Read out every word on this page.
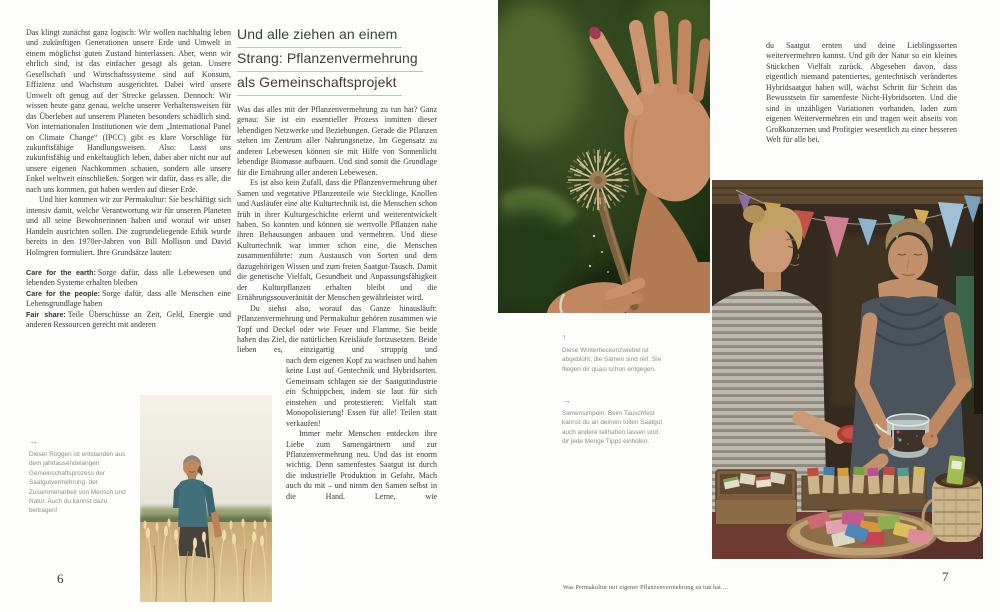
Das klingt zunächst ganz logisch: Wir wollen nachhaltig leben und zukünftigen Generationen unsere Erde und Umwelt in einem möglichst guten Zustand hinterlassen. Aber, wenn wir ehrlich sind, ist das einfacher gesagt als getan. Unsere Gesellschaft und Wirtschaftssysteme sind auf Konsum, Effizienz und Wachstum ausgerichtet. Dabei wird unsere Umwelt oft genug auf der Strecke gelassen. Dennoch: Wir wissen heute ganz genau, welche unserer Verhaltensweisen für das Überleben auf unserem Planeten besonders schädlich sind. Von internationalen Institutionen wie dem „International Panel on Climate Change“ (IPCC) gibt es klare Vorschläge für zukunftsfähige Handlungsweisen. Also: Lasst uns zukunftsfähig und enkeltauglich leben, dabei aber nicht nur auf unsere eigenen Nachkommen schauen, sondern alle unsere Enkel weltweit einschließen. Sorgen wir dafür, dass es alle, die nach uns kommen, gut haben werden auf dieser Erde.

Und hier kommen wir zur Permakultur: Sie beschäftigt sich intensiv damit, welche Verantwortung wir für unseren Planeten und all seine Bewohnerinnen haben und worauf wir unser Handeln ausrichten sollen. Die zugrundeliegende Ethik wurde bereits in den 1970er-Jahren von Bill Mollison und David Holmgren formuliert. Ihre Grundsätze lauten:

Care for the earth: Sorge dafür, dass alle Lebewesen und lebenden Systeme erhalten bleiben

Care for the people: Sorge dafür, dass alle Menschen eine Lebensgrundlage haben

Fair share: Teile Überschüsse an Zeit, Geld, Energie und anderen Ressourcen gerecht mit anderen

→
Dieser Roggen ist entstanden aus dem jahrtausendelangen Gemeinschaftsprozess der Saatgutvermehrung: der Zusammenarbeit von Mensch und Natur. Auch du kannst dazu beitragen!
Und alle ziehen an einem
Strang: Pflanzenvermehrung
als Gemeinschaftsprojekt

Was das alles mit der Pflanzenvermehrung zu tun hat? Ganz genau: Sie ist ein essentieller Prozess inmitten dieser lebendigen Netzwerke und Beziehungen. Gerade die Pflanzen stehen im Zentrum aller Nahrungsnetze. Im Gegensatz zu anderen Lebewesen können sie mit Hilfe von Sonnenlicht lebendige Biomasse aufbauen. Und sind somit die Grundlage für die Ernährung aller anderen Lebewesen.

Es ist also kein Zufall, dass die Pflanzenvermehrung über Samen und vegetative Pflanzenteile wie Stecklinge, Knollen und Ausläufer eine alte Kulturtechnik ist, die Menschen schon früh in ihrer Kulturgeschichte erlernt und weiterentwickelt haben. So konnten und können sie wertvolle Pflanzen nahe ihren Behausungen anbauen und vermehren. Und diese Kulturtechnik war immer schon eine, die Menschen zusammenführte: zum Austausch von Sorten und dem dazugehörigen Wissen und zum freien Saatgut-Tausch. Damit die genetische Vielfalt, Gesundheit und Anpassungsfähigkeit der Kulturpflanzen erhalten bleibt und die Ernährungssouveränität der Menschen gewährleistet wird.

Du siehst also, worauf das Ganze hinausläuft: Pflanzenvermehrung und Permakultur gehören zusammen wie Topf und Deckel oder wie Feuer und Flamme. Sie beide haben das Ziel, die natürlichen Kreisläufe fortzusetzen. Beide lieben es, einzigartig und struppig und

nach dem eigenen Kopf zu wachsen und haben keine Lust auf Gentechnik und Hybridsorten. Gemeinsam schlagen sie der Saatgutindustrie ein Schnippchen, indem sie laut für sich einstehen und protestieren: Vielfalt statt Monopolisierung! Essen für alle! Teilen statt verkaufen!

Immer mehr Menschen entdecken ihre Liebe zum Samengärtnern und zur Pflanzenvermehrung neu. Und das ist enorm wichtig. Denn samenfestes Saatgut ist durch die industrielle Produktion in Gefahr. Mach auch du mit – und nimm den Samen selbst in die Hand. Lerne, wie

du Saatgut ernten und deine Lieblingssorten weitervermehren kannst. Und gib der Natur so ein kleines Stückchen Vielfalt zurück. Abgesehen davon, dass eigentlich niemand patentiertes, gentechnisch verändertes Hybridsaatgut haben will, wächst Schritt für Schritt das Bewusstsein für samenfeste Nicht-Hybridsorten. Und die sind in unzähligen Variationen vorhanden, laden zum eigenen Weitervermehren ein und tragen weit abseits von Großkonzernen und Profitgier wesentlich zu einer besseren Welt für alle bei.

↑
Diese Winterheckenzwiebel ist abgeblüht, die Samen sind reif. Sie fliegen dir quasi schon entgegen.
→
Samensimpeln: Beim Tauschfest kannst du an deinem tollen Saatgut auch andere teilhaben lassen und dir jede Menge Tipps einholen.
Was Permakultur mit eigener Pflanzenvermehrung zu tun hat …
6	7
